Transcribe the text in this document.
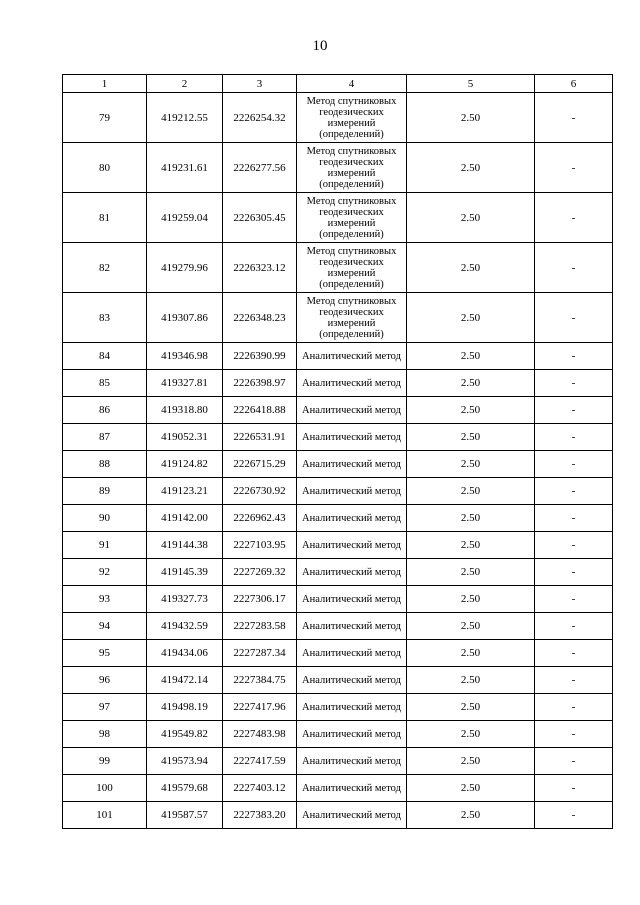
10
1	2	3	4	5	6
79	419212.55	2226254.32	Метод спутниковых геодезических измерений (определений)	2.50	-
80	419231.61	2226277.56	Метод спутниковых геодезических измерений (определений)	2.50	-
81	419259.04	2226305.45	Метод спутниковых геодезических измерений (определений)	2.50	-
82	419279.96	2226323.12	Метод спутниковых геодезических измерений (определений)	2.50	-
83	419307.86	2226348.23	Метод спутниковых геодезических измерений (определений)	2.50	-
84	419346.98	2226390.99	Аналитический метод	2.50	-
85	419327.81	2226398.97	Аналитический метод	2.50	-
86	419318.80	2226418.88	Аналитический метод	2.50	-
87	419052.31	2226531.91	Аналитический метод	2.50	-
88	419124.82	2226715.29	Аналитический метод	2.50	-
89	419123.21	2226730.92	Аналитический метод	2.50	-
90	419142.00	2226962.43	Аналитический метод	2.50	-
91	419144.38	2227103.95	Аналитический метод	2.50	-
92	419145.39	2227269.32	Аналитический метод	2.50	-
93	419327.73	2227306.17	Аналитический метод	2.50	-
94	419432.59	2227283.58	Аналитический метод	2.50	-
95	419434.06	2227287.34	Аналитический метод	2.50	-
96	419472.14	2227384.75	Аналитический метод	2.50	-
97	419498.19	2227417.96	Аналитический метод	2.50	-
98	419549.82	2227483.98	Аналитический метод	2.50	-
99	419573.94	2227417.59	Аналитический метод	2.50	-
100	419579.68	2227403.12	Аналитический метод	2.50	-
101	419587.57	2227383.20	Аналитический метод	2.50	-
